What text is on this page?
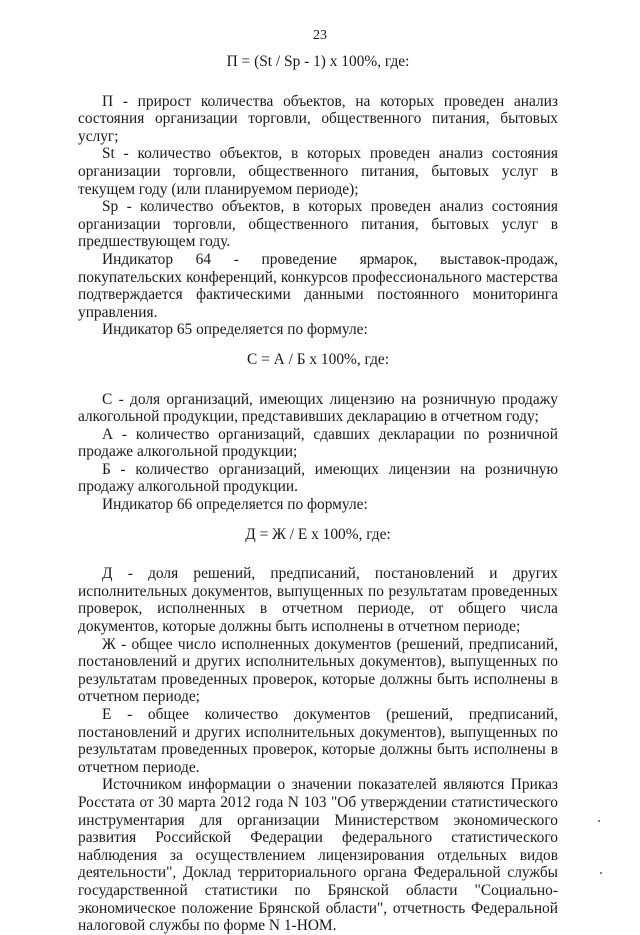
23
П = (St / Sp - 1) x 100%, где:

П - прирост количества объектов, на которых проведен анализ состояния организации торговли, общественного питания, бытовых услуг;

St - количество объектов, в которых проведен анализ состояния организации торговли, общественного питания, бытовых услуг в текущем году (или планируемом периоде);

Sp - количество объектов, в которых проведен анализ состояния организации торговли, общественного питания, бытовых услуг в предшествующем году.

Индикатор 64 - проведение ярмарок, выставок-продаж, покупательских конференций, конкурсов профессионального мастерства подтверждается фактическими данными постоянного мониторинга управления.

Индикатор 65 определяется по формуле:

С = А / Б x 100%, где:

С - доля организаций, имеющих лицензию на розничную продажу алкогольной продукции, представивших декларацию в отчетном году;

А - количество организаций, сдавших декларации по розничной продаже алкогольной продукции;

Б - количество организаций, имеющих лицензии на розничную продажу алкогольной продукции.

Индикатор 66 определяется по формуле:

Д = Ж / Е x 100%, где:

Д - доля решений, предписаний, постановлений и других исполнительных документов, выпущенных по результатам проведенных проверок, исполненных в отчетном периоде, от общего числа документов, которые должны быть исполнены в отчетном периоде;

Ж - общее число исполненных документов (решений, предписаний, постановлений и других исполнительных документов), выпущенных по результатам проведенных проверок, которые должны быть исполнены в отчетном периоде;

Е - общее количество документов (решений, предписаний, постановлений и других исполнительных документов), выпущенных по результатам проведенных проверок, которые должны быть исполнены в отчетном периоде.

Источником информации о значении показателей являются Приказ Росстата от 30 марта 2012 года N 103 "Об утверждении статистического инструментария для организации Министерством экономического развития Российской Федерации федерального статистического наблюдения за осуществлением лицензирования отдельных видов деятельности", Доклад территориального органа Федеральной службы государственной статистики по Брянской области "Социально-экономическое положение Брянской области", отчетность Федеральной налоговой службы по форме N 1-НОМ.
